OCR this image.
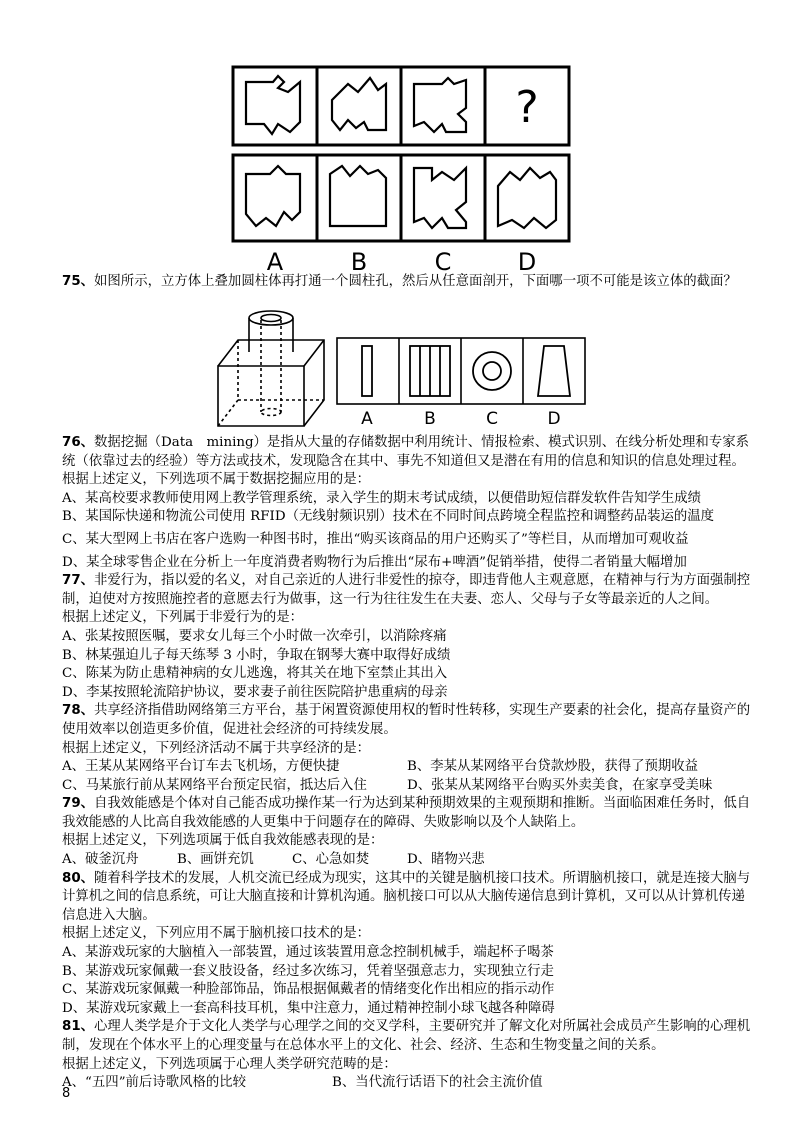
?
A	B	C	D

75、如图所示，立方体上叠加圆柱体再打通一个圆柱孔，然后从任意面剖开，下面哪一项不可能是该立体的截面？

A	B	C	D

76、数据挖掘（Data　mining）是指从大量的存储数据中利用统计、情报检索、模式识别、在线分析处理和专家系统（依靠过去的经验）等方法或技术，发现隐含在其中、事先不知道但又是潜在有用的信息和知识的信息处理过程。

根据上述定义，下列选项不属于数据挖掘应用的是：

A、某高校要求教师使用网上教学管理系统，录入学生的期末考试成绩，以便借助短信群发软件告知学生成绩

B、某国际快递和物流公司使用 RFID（无线射频识别）技术在不同时间点跨境全程监控和调整药品装运的温度

C、某大型网上书店在客户选购一种图书时，推出“购买该商品的用户还购买了”等栏目，从而增加可观收益

D、某全球零售企业在分析上一年度消费者购物行为后推出“尿布+啤酒”促销举措，使得二者销量大幅增加

77、非爱行为，指以爱的名义，对自己亲近的人进行非爱性的掠夺，即违背他人主观意愿，在精神与行为方面强制控制，迫使对方按照施控者的意愿去行为做事，这一行为往往发生在夫妻、恋人、父母与子女等最亲近的人之间。

根据上述定义，下列属于非爱行为的是：

A、张某按照医嘱，要求女儿每三个小时做一次牵引，以消除疼痛

B、林某强迫儿子每天练琴 3 小时，争取在钢琴大赛中取得好成绩

C、陈某为防止患精神病的女儿逃逸，将其关在地下室禁止其出入

D、李某按照轮流陪护协议，要求妻子前往医院陪护患重病的母亲

78、共享经济指借助网络第三方平台，基于闲置资源使用权的暂时性转移，实现生产要素的社会化，提高存量资产的使用效率以创造更多价值，促进社会经济的可持续发展。

根据上述定义，下列经济活动不属于共享经济的是：

A、王某从某网络平台订车去飞机场，方便快捷	B、李某从某网络平台贷款炒股，获得了预期收益

C、马某旅行前从某网络平台预定民宿，抵达后入住	D、张某从某网络平台购买外卖美食，在家享受美味

79、自我效能感是个体对自己能否成功操作某一行为达到某种预期效果的主观预期和推断。当面临困难任务时，低自我效能感的人比高自我效能感的人更集中于问题存在的障碍、失败影响以及个人缺陷上。

根据上述定义，下列选项属于低自我效能感表现的是：

A、破釜沉舟	B、画饼充饥	C、心急如焚	D、睹物兴悲

80、随着科学技术的发展，人机交流已经成为现实，这其中的关键是脑机接口技术。所谓脑机接口，就是连接大脑与计算机之间的信息系统，可让大脑直接和计算机沟通。脑机接口可以从大脑传递信息到计算机，又可以从计算机传递信息进入大脑。

根据上述定义，下列应用不属于脑机接口技术的是：

A、某游戏玩家的大脑植入一部装置，通过该装置用意念控制机械手，端起杯子喝茶

B、某游戏玩家佩戴一套义肢设备，经过多次练习，凭着坚强意志力，实现独立行走

C、某游戏玩家佩戴一种脸部饰品，饰品根据佩戴者的情绪变化作出相应的指示动作

D、某游戏玩家戴上一套高科技耳机，集中注意力，通过精神控制小球飞越各种障碍

81、心理人类学是介于文化人类学与心理学之间的交叉学科，主要研究并了解文化对所属社会成员产生影响的心理机制，发现在个体水平上的心理变量与在总体水平上的文化、社会、经济、生态和生物变量之间的关系。

根据上述定义，下列选项属于心理人类学研究范畴的是：

A、“五四”前后诗歌风格的比较	B、当代流行话语下的社会主流价值

8
